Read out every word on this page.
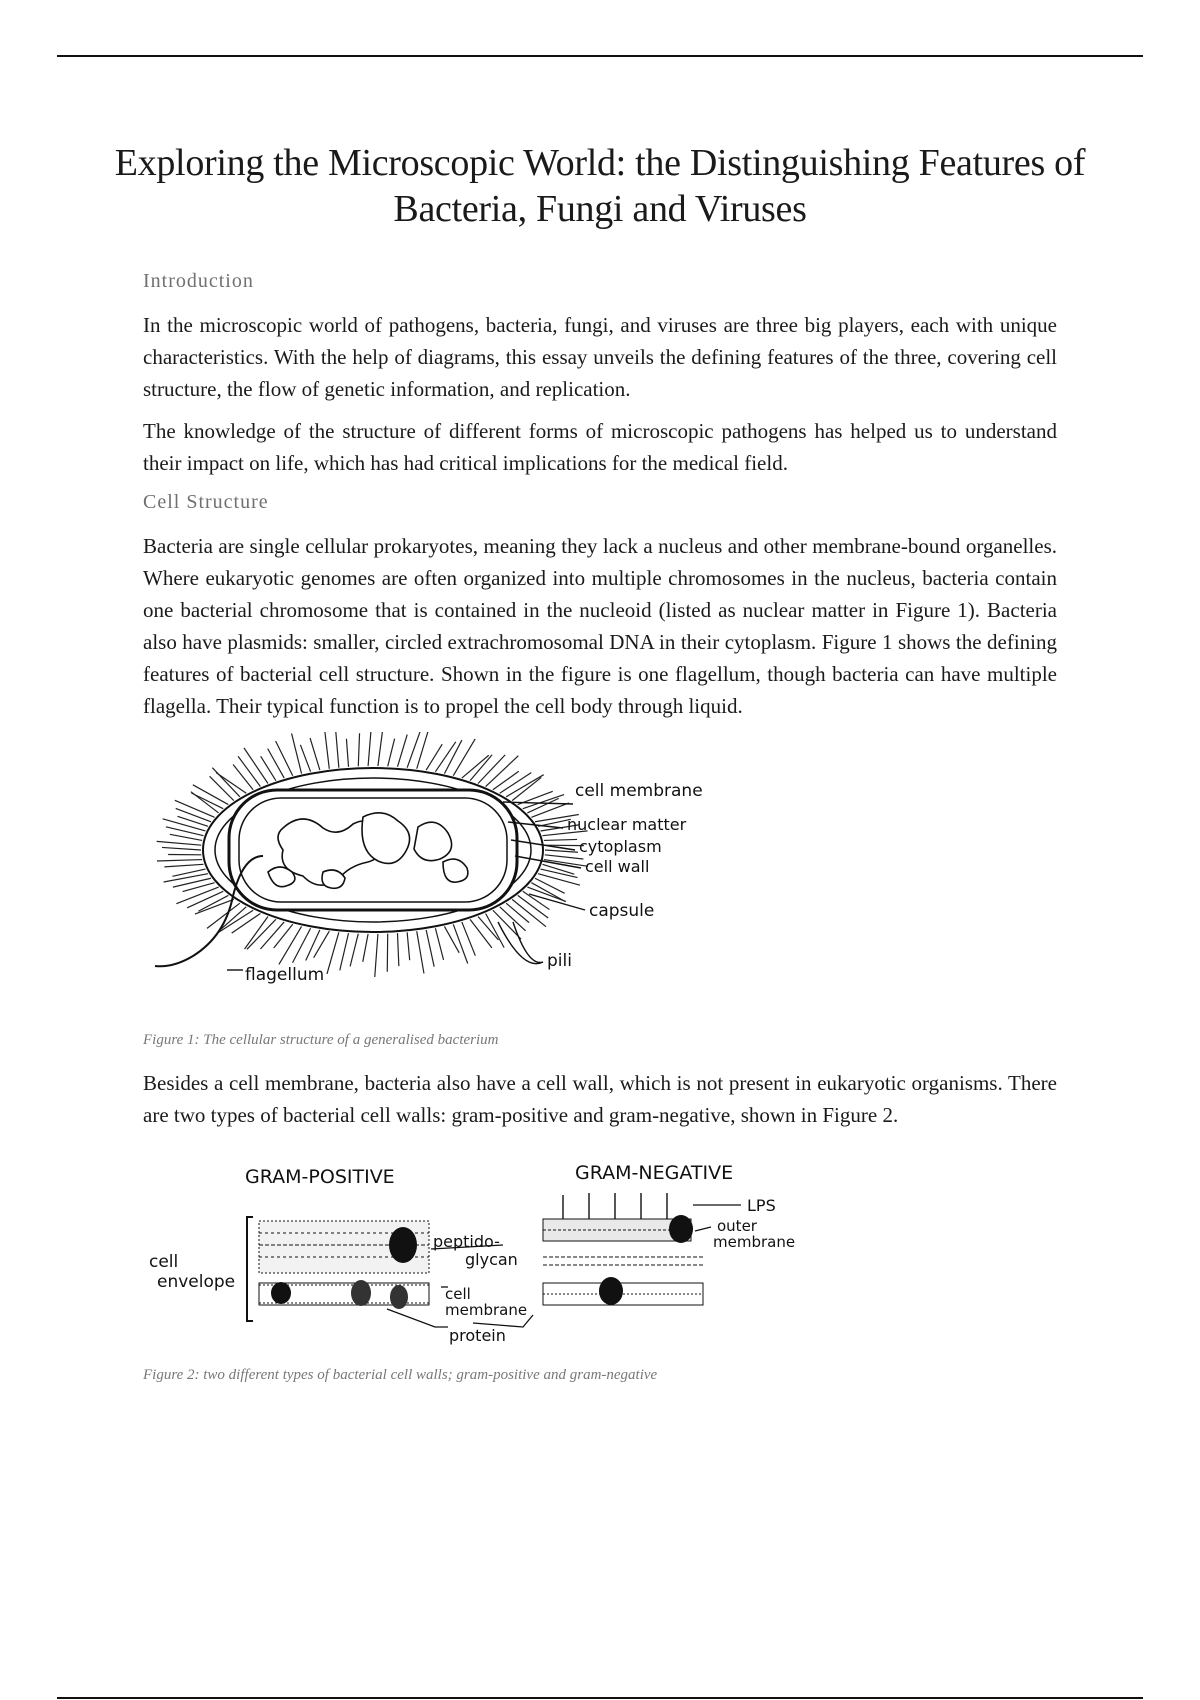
Exploring the Microscopic World: the Distinguishing Features of Bacteria, Fungi and Viruses

Introduction

In the microscopic world of pathogens, bacteria, fungi, and viruses are three big players, each with unique characteristics. With the help of diagrams, this essay unveils the defining features of the three, covering cell structure, the flow of genetic information, and replication.

The knowledge of the structure of different forms of microscopic pathogens has helped us to understand their impact on life, which has had critical implications for the medical field.

Cell Structure

Bacteria are single cellular prokaryotes, meaning they lack a nucleus and other membrane-bound organelles. Where eukaryotic genomes are often organized into multiple chromosomes in the nucleus, bacteria contain one bacterial chromosome that is contained in the nucleoid (listed as nuclear matter in Figure 1). Bacteria also have plasmids: smaller, circled extrachromosomal DNA in their cytoplasm. Figure 1 shows the defining features of bacterial cell structure. Shown in the figure is one flagellum, though bacteria can have multiple flagella. Their typical function is to propel the cell body through liquid.

cell membrane
nuclear matter
cytoplasm
cell wall
capsule
pili
flagellum

Figure 1: The cellular structure of a generalised bacterium

Besides a cell membrane, bacteria also have a cell wall, which is not present in eukaryotic organisms. There are two types of bacterial cell walls: gram-positive and gram-negative, shown in Figure 2.

GRAM-POSITIVE	GRAM-NEGATIVE
cell
envelope
LPS
outer
membrane
peptido-
glycan
cell
membrane
protein

Figure 2: two different types of bacterial cell walls; gram-positive and gram-negative
